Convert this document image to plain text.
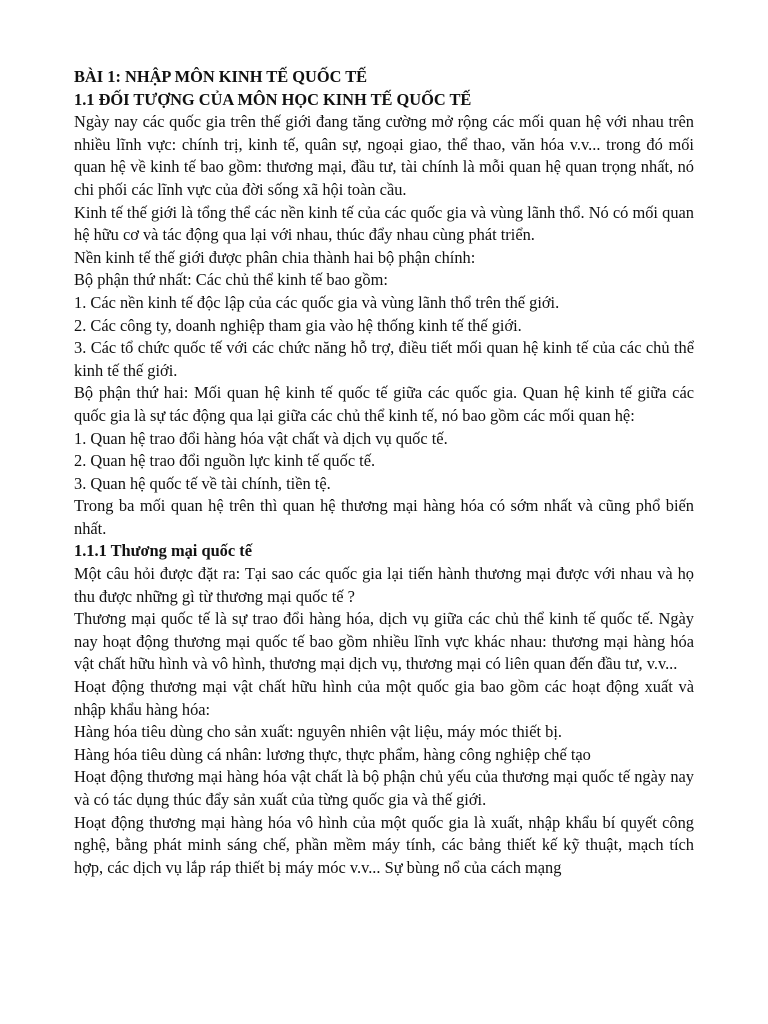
BÀI 1: NHẬP MÔN KINH TẾ QUỐC TẾ
1.1 ĐỐI TƯỢNG CỦA MÔN HỌC KINH TẾ QUỐC TẾ

Ngày nay các quốc gia trên thế giới đang tăng cường mở rộng các mối quan hệ với nhau trên nhiều lĩnh vực: chính trị, kinh tế, quân sự, ngoại giao, thể thao, văn hóa v.v... trong đó mối quan hệ về kinh tế bao gồm: thương mại, đầu tư, tài chính là mỗi quan hệ quan trọng nhất, nó chi phối các lĩnh vực của đời sống xã hội toàn cầu.

Kinh tế thế giới là tổng thể các nền kinh tế của các quốc gia và vùng lãnh thổ. Nó có mối quan hệ hữu cơ và tác động qua lại với nhau, thúc đẩy nhau cùng phát triển.

Nền kinh tế thế giới được phân chia thành hai bộ phận chính:

Bộ phận thứ nhất: Các chủ thể kinh tế bao gồm:

1. Các nền kinh tế độc lập của các quốc gia và vùng lãnh thổ trên thế giới.

2. Các công ty, doanh nghiệp tham gia vào hệ thống kinh tế thế giới.

3. Các tổ chức quốc tế với các chức năng hỗ trợ, điều tiết mối quan hệ kinh tế của các chủ thể kinh tế thế giới.

Bộ phận thứ hai: Mối quan hệ kinh tế quốc tế giữa các quốc gia. Quan hệ kinh tế giữa các quốc gia là sự tác động qua lại giữa các chủ thể kinh tế, nó bao gồm các mối quan hệ:

1. Quan hệ trao đổi hàng hóa vật chất và dịch vụ quốc tế.

2. Quan hệ trao đổi nguồn lực kinh tế quốc tế.

3. Quan hệ quốc tế về tài chính, tiền tệ.

Trong ba mối quan hệ trên thì quan hệ thương mại hàng hóa có sớm nhất và cũng phổ biến nhất.

1.1.1 Thương mại quốc tế

Một câu hỏi được đặt ra: Tại sao các quốc gia lại tiến hành thương mại được với nhau và họ thu được những gì từ thương mại quốc tế ?

Thương mại quốc tế là sự trao đổi hàng hóa, dịch vụ giữa các chủ thể kinh tế quốc tế. Ngày nay hoạt động thương mại quốc tế bao gồm nhiều lĩnh vực khác nhau: thương mại hàng hóa vật chất hữu hình và vô hình, thương mại dịch vụ, thương mại có liên quan đến đầu tư, v.v...

Hoạt động thương mại vật chất hữu hình của một quốc gia bao gồm các hoạt động xuất và nhập khẩu hàng hóa:

Hàng hóa tiêu dùng cho sản xuất: nguyên nhiên vật liệu, máy móc thiết bị.

Hàng hóa tiêu dùng cá nhân: lương thực, thực phẩm, hàng công nghiệp chế tạo

Hoạt động thương mại hàng hóa vật chất là bộ phận chủ yếu của thương mại quốc tế ngày nay và có tác dụng thúc đẩy sản xuất của từng quốc gia và thế giới.

Hoạt động thương mại hàng hóa vô hình của một quốc gia là xuất, nhập khẩu bí quyết công nghệ, bằng phát minh sáng chế, phần mềm máy tính, các bảng thiết kế kỹ thuật, mạch tích hợp, các dịch vụ lắp ráp thiết bị máy móc v.v... Sự bùng nổ của cách mạng
